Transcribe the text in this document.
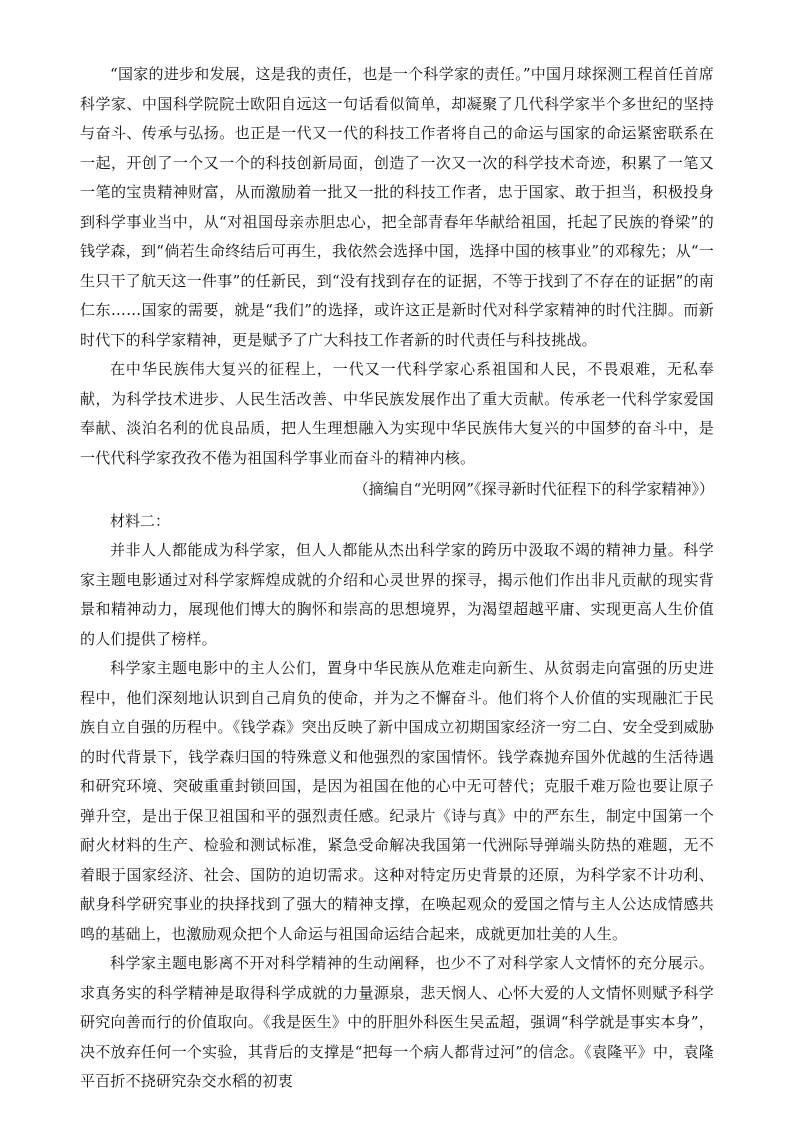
“国家的进步和发展，这是我的责任，也是一个科学家的责任。”中国月球探测工程首任首席科学家、中国科学院院士欧阳自远这一句话看似简单，却凝聚了几代科学家半个多世纪的坚持与奋斗、传承与弘扬。也正是一代又一代的科技工作者将自己的命运与国家的命运紧密联系在一起，开创了一个又一个的科技创新局面，创造了一次又一次的科学技术奇迹，积累了一笔又一笔的宝贵精神财富，从而激励着一批又一批的科技工作者，忠于国家、敢于担当，积极投身到科学事业当中，从“对祖国母亲赤胆忠心，把全部青春年华献给祖国，托起了民族的脊梁”的钱学森，到“倘若生命终结后可再生，我依然会选择中国，选择中国的核事业”的邓稼先；从“一生只干了航天这一件事”的任新民，到“没有找到存在的证据，不等于找到了不存在的证据”的南仁东……国家的需要，就是“我们”的选择，或许这正是新时代对科学家精神的时代注脚。而新时代下的科学家精神，更是赋予了广大科技工作者新的时代责任与科技挑战。

在中华民族伟大复兴的征程上，一代又一代科学家心系祖国和人民，不畏艰难，无私奉献，为科学技术进步、人民生活改善、中华民族发展作出了重大贡献。传承老一代科学家爱国奉献、淡泊名利的优良品质，把人生理想融入为实现中华民族伟大复兴的中国梦的奋斗中，是一代代科学家孜孜不倦为祖国科学事业而奋斗的精神内核。

（摘编自“光明网”《探寻新时代征程下的科学家精神》）

材料二：

并非人人都能成为科学家，但人人都能从杰出科学家的跨历中汲取不竭的精神力量。科学家主题电影通过对科学家辉煌成就的介绍和心灵世界的探寻，揭示他们作出非凡贡献的现实背景和精神动力，展现他们博大的胸怀和崇高的思想境界，为渴望超越平庸、实现更高人生价值的人们提供了榜样。

科学家主题电影中的主人公们，置身中华民族从危难走向新生、从贫弱走向富强的历史进程中，他们深刻地认识到自己肩负的使命，并为之不懈奋斗。他们将个人价值的实现融汇于民族自立自强的历程中。《钱学森》突出反映了新中国成立初期国家经济一穷二白、安全受到威胁的时代背景下，钱学森归国的特殊意义和他强烈的家国情怀。钱学森抛弃国外优越的生活待遇和研究环境、突破重重封锁回国，是因为祖国在他的心中无可替代；克服千难万险也要让原子弹升空，是出于保卫祖国和平的强烈责任感。纪录片《诗与真》中的严东生，制定中国第一个耐火材料的生产、检验和测试标准，紧急受命解决我国第一代洲际导弹端头防热的难题，无不着眼于国家经济、社会、国防的迫切需求。这种对特定历史背景的还原，为科学家不计功利、献身科学研究事业的抉择找到了强大的精神支撑，在唤起观众的爱国之情与主人公达成情感共鸣的基础上，也激励观众把个人命运与祖国命运结合起来，成就更加壮美的人生。

科学家主题电影离不开对科学精神的生动阐释，也少不了对科学家人文情怀的充分展示。求真务实的科学精神是取得科学成就的力量源泉，悲天悯人、心怀大爱的人文情怀则赋予科学研究向善而行的价值取向。《我是医生》中的肝胆外科医生吴孟超，强调“科学就是事实本身”，决不放弃任何一个实验，其背后的支撑是“把每一个病人都背过河”的信念。《袁隆平》中，袁隆平百折不挠研究杂交水稻的初衷
